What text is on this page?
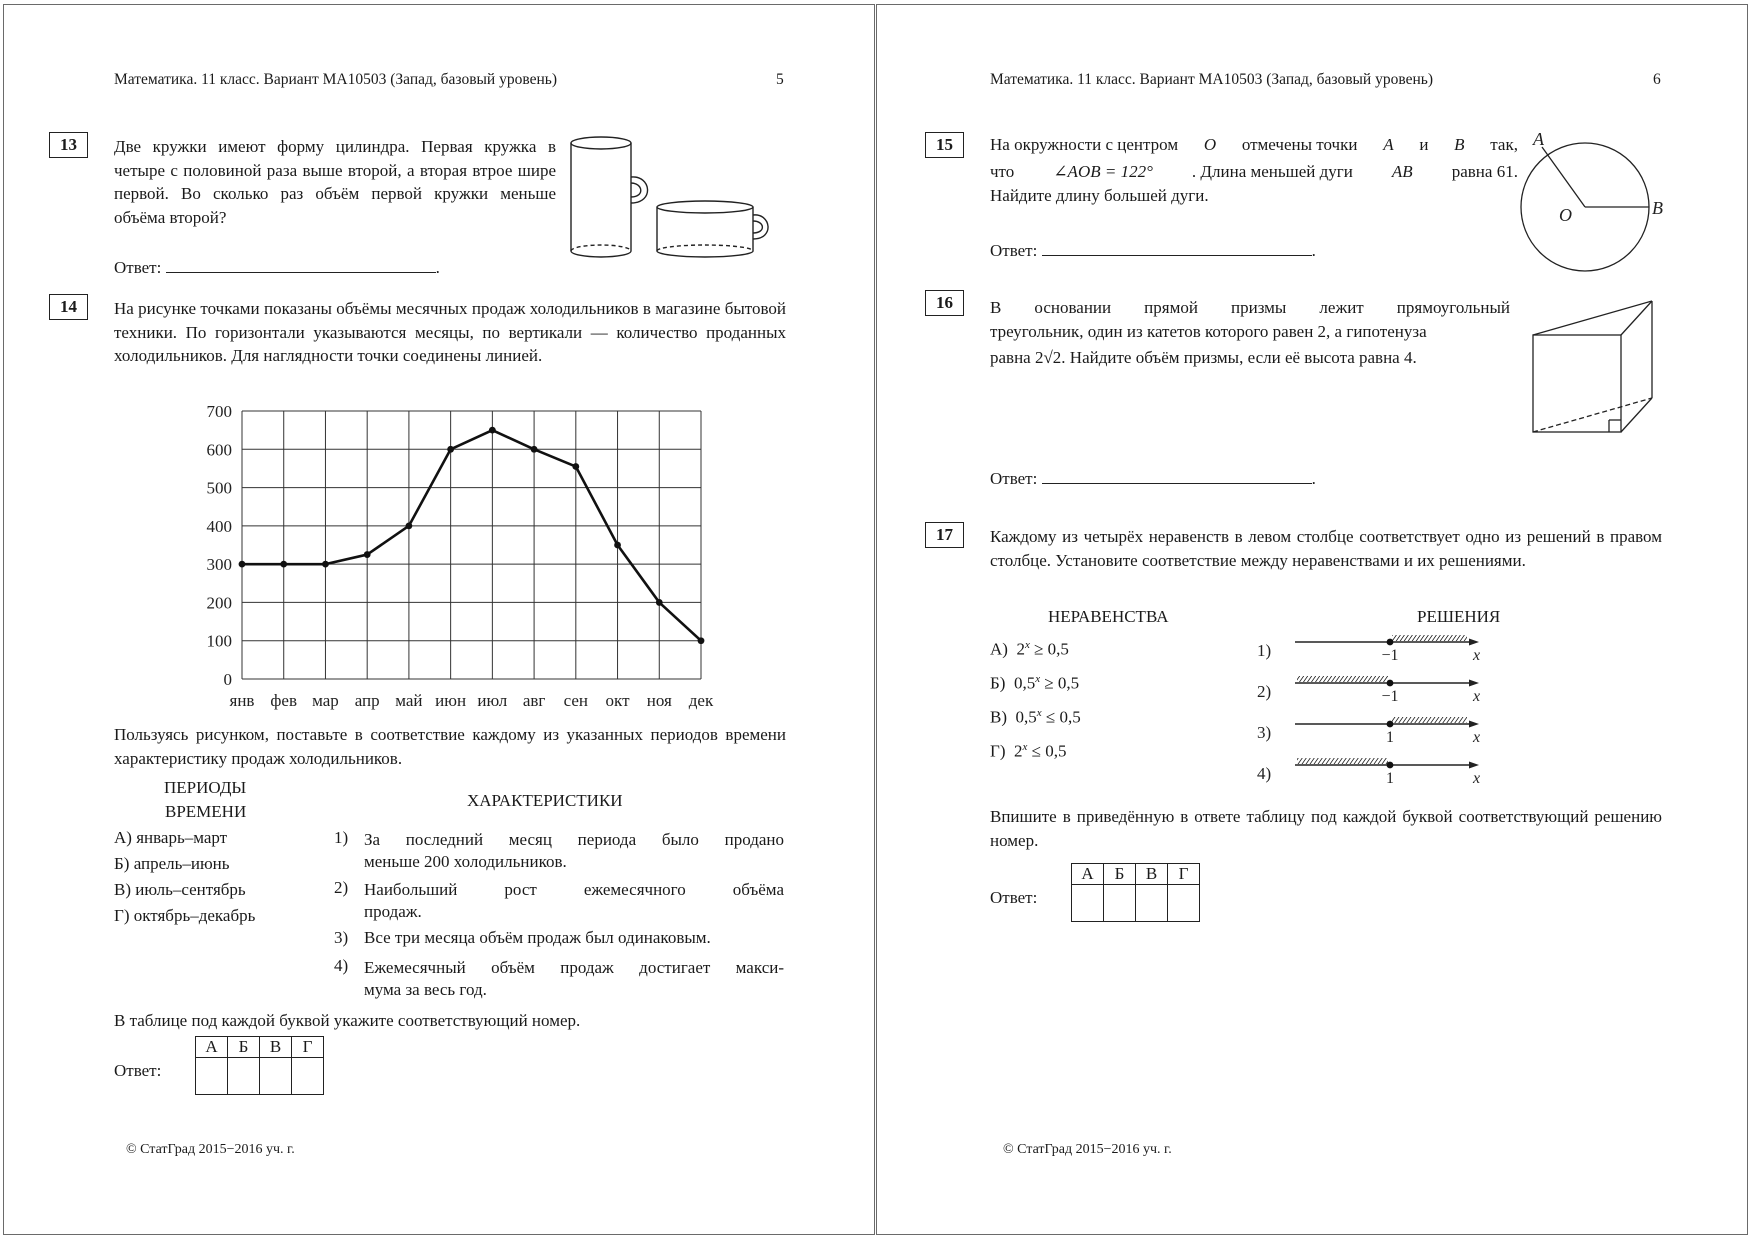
Математика. 11 класс. Вариант МА10503 (Запад, базовый уровень)	5
13	Две кружки имеют форму цилиндра. Первая кружка в четыре с половиной раза выше второй, а вторая втрое шире первой. Во сколько раз объём первой кружки меньше объёма второй?
Ответ:	.
14	На рисунке точками показаны объёмы месячных продаж холодильников в магазине бытовой техники. По горизонтали указываются месяцы, по вертикали — количество проданных холодильников. Для наглядности точки соединены линией.
0
100
200
300
400
500
600
700
янв фев мар апр май июн июл авг сен окт ноя дек
Пользуясь рисунком, поставьте в соответствие каждому из указанных периодов времени характеристику продаж холодильников.
ПЕРИОДЫ
ВРЕМЕНИ
ХАРАКТЕРИСТИКИ
А) январь–март
Б) апрель–июнь
В) июль–сентябрь
Г) октябрь–декабрь
1) За последний месяц периода было продано
меньше 200 холодильников.
2) Наибольший рост ежемесячного объёма
продаж.
3) Все три месяца объём продаж был одинаковым.
4) Ежемесячный объём продаж достигает макси-
мума за весь год.
В таблице под каждой буквой укажите соответствующий номер.
Ответ:
А	Б	В	Г

© СтатГрад 2015−2016 уч. г.
Математика. 11 класс. Вариант МА10503 (Запад, базовый уровень)	6
15	На окружности с центром O отмечены точки A и B так,
что ∠AOB = 122° . Длина меньшей дуги AB равна 61.
Найдите длину большей дуги.
Ответ:	.
A
O	B
16	В основании прямой призмы лежит прямоугольный
треугольник, один из катетов которого равен 2, а гипотенуза
равна 2√2. Найдите объём призмы, если её высота равна 4.
Ответ:	.
17	Каждому из четырёх неравенств в левом столбце соответствует одно из решений в правом столбце. Установите соответствие между неравенствами и их решениями.
НЕРАВЕНСТВА	РЕШЕНИЯ
А) $2^x \ge 0,5$
Б) $0,5^x \ge 0,5$
В) $0,5^x \le 0,5$
Г) $2^x \le 0,5$
1)	−1	x
2)	−1	x
3)	1	x
4)	1	x
Впишите в приведённую в ответе таблицу под каждой буквой соответствующий решению номер.
Ответ:
А	Б	В	Г

© СтатГрад 2015−2016 уч. г.
